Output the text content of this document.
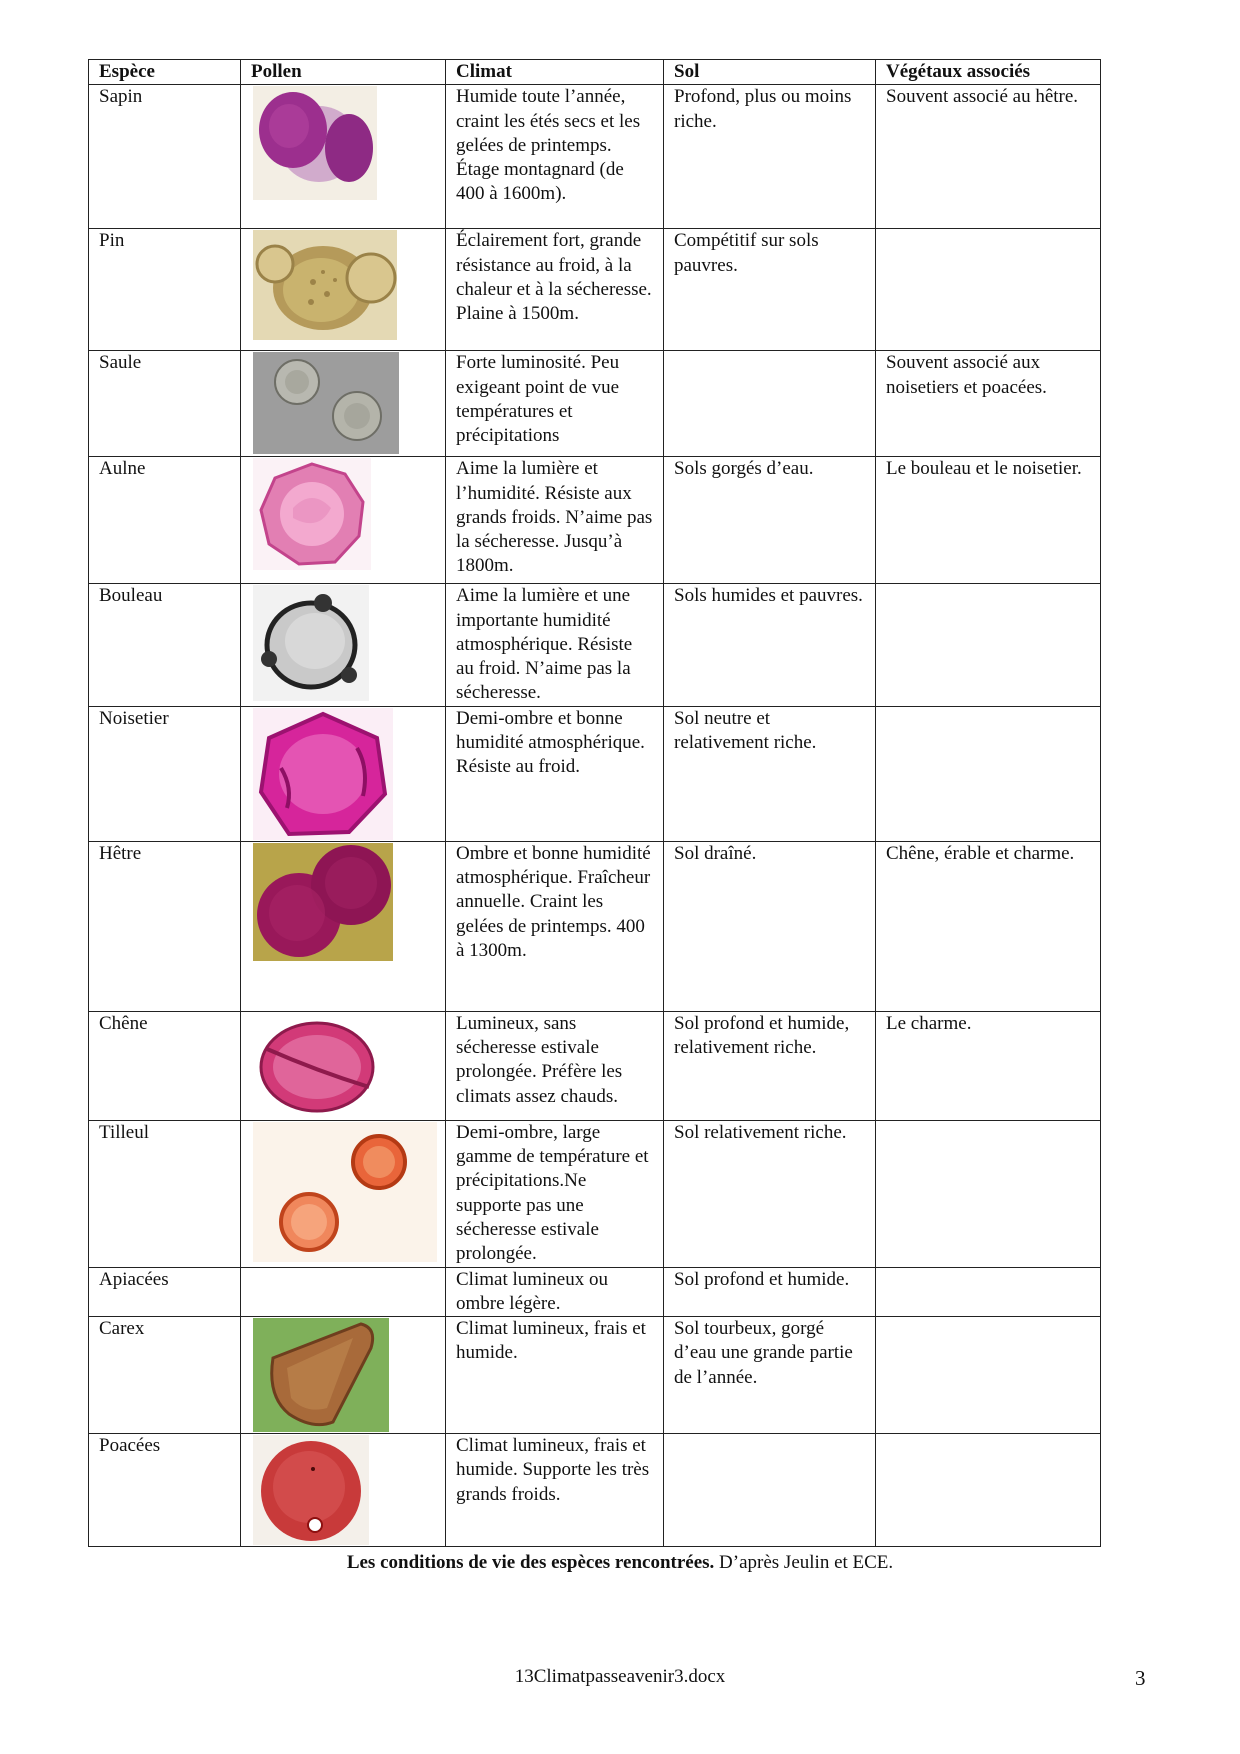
Espèce	Pollen	Climat	Sol	Végétaux associés
Sapin		Humide toute l’année, craint les étés secs et les gelées de printemps. Étage montagnard (de 400 à 1600m).	Profond, plus ou moins riche.	Souvent associé au hêtre.
Pin		Éclairement fort, grande résistance au froid, à la chaleur et à la sécheresse. Plaine à 1500m.	Compétitif sur sols pauvres.	
Saule		Forte luminosité. Peu exigeant point de vue températures et précipitations		Souvent associé aux noisetiers et poacées.
Aulne		Aime la lumière et l’humidité. Résiste aux grands froids. N’aime pas la sécheresse. Jusqu’à 1800m.	Sols gorgés d’eau.	Le bouleau et le noisetier.
Bouleau		Aime la lumière et une importante humidité atmosphérique. Résiste au froid. N’aime pas la sécheresse.	Sols humides et pauvres.	
Noisetier		Demi-ombre et bonne humidité atmosphérique. Résiste au froid.	Sol neutre et relativement riche.	
Hêtre		Ombre et bonne humidité atmosphérique. Fraîcheur annuelle. Craint les gelées de printemps. 400 à 1300m.	Sol draîné.	Chêne, érable et charme.
Chêne		Lumineux, sans sécheresse estivale prolongée. Préfère les climats assez chauds.	Sol profond et humide, relativement riche.	Le charme.
Tilleul		Demi-ombre, large gamme de température et précipitations.Ne supporte pas une sécheresse estivale prolongée.	Sol relativement riche.	
Apiacées		Climat lumineux ou ombre légère.	Sol profond et humide.	
Carex		Climat lumineux, frais et humide.	Sol tourbeux, gorgé d’eau une grande partie de l’année.	
Poacées		Climat lumineux, frais et humide. Supporte les très grands froids.		
Les conditions de vie des espèces rencontrées. D’après Jeulin et ECE.
13Climatpasseavenir3.docx	3
